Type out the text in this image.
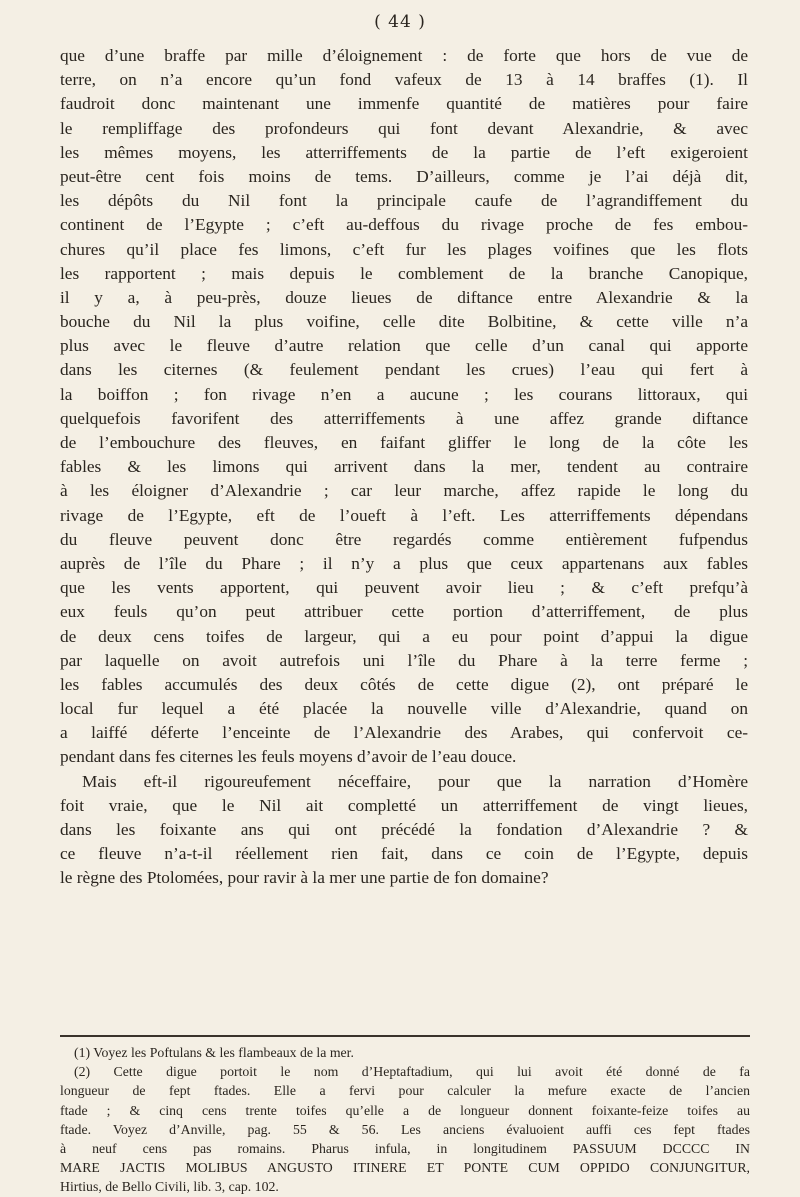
( 44 )
que d’une braffe par mille d’éloignement : de forte que hors de vue de
terre, on n’a encore qu’un fond vafeux de 13 à 14 braffes (1). Il
faudroit donc maintenant une immenfe quantité de matières pour faire
le rempliffage des profondeurs qui font devant Alexandrie, & avec
les mêmes moyens, les atterriffements de la partie de l’eft exigeroient
peut-être cent fois moins de tems. D’ailleurs, comme je l’ai déjà dit,
les dépôts du Nil font la principale caufe de l’agrandiffement du
continent de l’Egypte ; c’eft au-deffous du rivage proche de fes embou-
chures qu’il place fes limons, c’eft fur les plages voifines que les flots
les rapportent ; mais depuis le comblement de la branche Canopique,
il y a, à peu-près, douze lieues de diftance entre Alexandrie & la
bouche du Nil la plus voifine, celle dite Bolbitine, & cette ville n’a
plus avec le fleuve d’autre relation que celle d’un canal qui apporte
dans les citernes (& feulement pendant les crues) l’eau qui fert à
la boiffon ; fon rivage n’en a aucune ; les courans littoraux, qui
quelquefois favorifent des atterriffements à une affez grande diftance
de l’embouchure des fleuves, en faifant gliffer le long de la côte les
fables & les limons qui arrivent dans la mer, tendent au contraire
à les éloigner d’Alexandrie ; car leur marche, affez rapide le long du
rivage de l’Egypte, eft de l’oueft à l’eft. Les atterriffements dépendans
du fleuve peuvent donc être regardés comme entièrement fufpendus
auprès de l’île du Phare ; il n’y a plus que ceux appartenans aux fables
que les vents apportent, qui peuvent avoir lieu ; & c’eft prefqu’à
eux feuls qu’on peut attribuer cette portion d’atterriffement, de plus
de deux cens toifes de largeur, qui a eu pour point d’appui la digue
par laquelle on avoit autrefois uni l’île du Phare à la terre ferme ;
les fables accumulés des deux côtés de cette digue (2), ont préparé le
local fur lequel a été placée la nouvelle ville d’Alexandrie, quand on
a laiffé déferte l’enceinte de l’Alexandrie des Arabes, qui confervoit ce-
pendant dans fes citernes les feuls moyens d’avoir de l’eau douce.
Mais eft-il rigoureufement néceffaire, pour que la narration d’Homère
foit vraie, que le Nil ait completté un atterriffement de vingt lieues,
dans les foixante ans qui ont précédé la fondation d’Alexandrie ? &
ce fleuve n’a-t-il réellement rien fait, dans ce coin de l’Egypte, depuis
le règne des Ptolomées, pour ravir à la mer une partie de fon domaine?
(1) Voyez les Poftulans & les flambeaux de la mer.
(2) Cette digue portoit le nom d’Heptaftadium, qui lui avoit été donné de fa
longueur de fept ftades. Elle a fervi pour calculer la mefure exacte de l’ancien
ftade ; & cinq cens trente toifes qu’elle a de longueur donnent foixante-feize toifes au
ftade. Voyez d’Anville, pag. 55 & 56. Les anciens évaluoient auffi ces fept ftades
à neuf cens pas romains. Pharus infula, in longitudinem PASSUUM DCCCC IN
MARE JACTIS MOLIBUS ANGUSTO ITINERE ET PONTE CUM OPPIDO CONJUNGITUR,
Hirtius, de Bello Civili, lib. 3, cap. 102.
